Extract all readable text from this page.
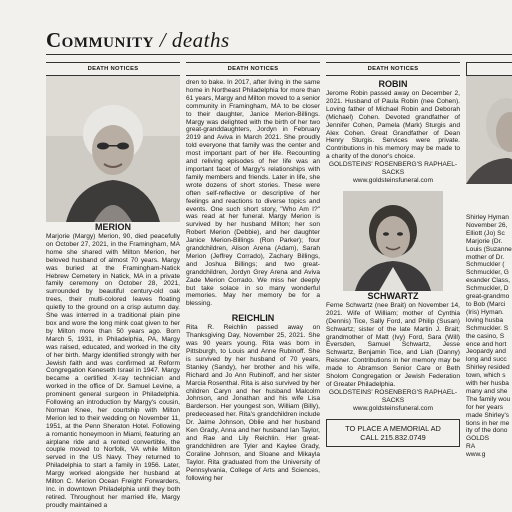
Community / deaths
DEATH NOTICES

MERION

Marjorie (Margy) Merion, 90, died peacefully on October 27, 2021, in the Framingham, MA home she shared with Milton Merion, her beloved husband of almost 70 years. Margy was buried at the Framingham-Natick Hebrew Cemetery in Natick, MA in a private family ceremony on October 28, 2021, surrounded by beautiful century-old oak trees, their multi-colored leaves floating quietly to the ground on a crisp autumn day. She was interred in a traditional plain pine box and wore the long mink coat given to her by Milton more than 50 years ago. Born March 5, 1931, in Philadelphia, PA, Margy was raised, educated, and worked in the city of her birth. Margy identified strongly with her Jewish faith and was confirmed at Reform Congregation Keneseth Israel in 1947. Margy became a certified X-ray technician and worked in the office of Dr. Samuel Levine, a prominent general surgeon in Philadelphia. Following an introduction by Margy's cousin, Norman Knee, her courtship with Milton Merion led to their wedding on November 11, 1951, at the Penn Sheraton Hotel. Following a romantic honeymoon in Miami, featuring an airplane ride and a rented convertible, the couple moved to Norfolk, VA while Milton served in the US Navy. They returned to Philadelphia to start a family in 1956. Later, Margy worked alongside her husband at Milton C. Merion Ocean Freight Forwarders, Inc. in downtown Philadelphia until they both retired. Throughout her married life, Margy proudly maintained a

DEATH NOTICES

dren to bake. In 2017, after living in the same home in Northeast Philadelphia for more than 61 years, Margy and Milton moved to a senior community in Framingham, MA to be closer to their daughter, Janice Merion-Billings. Margy was delighted with the birth of her two great-granddaughters, Jordyn in February 2019 and Aviva in March 2021. She proudly told everyone that family was the center and most important part of her life. Recounting and reliving episodes of her life was an important facet of Margy's relationships with family members and friends. Later in life, she wrote dozens of short stories. These were often self-reflective or descriptive of her feelings and reactions to diverse topics and events. One such short story, "Who Am I?" was read at her funeral. Margy Merion is survived by her husband Milton; her son Robert Merion (Debbie), and her daughter Janice Merion-Billings (Ron Parker); four grandchildren, Alison Arena (Adam), Sarah Merion (Jeffrey Corrado), Zachary Billings, and Joshua Billings; and two great-grandchildren, Jordyn Grey Arena and Aviva Zade Merion Corrado. We miss her deeply but take solace in so many wonderful memories. May her memory be for a blessing.

REICHLIN

Rita R. Reichlin passed away on Thanksgiving Day, November 25, 2021. She was 90 years young. Rita was born in Pittsburgh, to Louis and Anne Rubinoff. She is survived by her husband of 70 years, Stanley (Sandy), her brother and his wife, Richard and Jo Ann Rubinoff, and her sister Marcia Rosenthal. Rita is also survived by her children Caryn and her husband Malcolm Johnson, and Jonathan and his wife Lisa Barderson. Her youngest son, William (Billy), predeceased her. Rita's grandchildren include Dr. Jaime Johnson, Oblie and her husband Ken Grady, Anna and her husband Ian Taylor, and Rae and Lily Reichlin. Her great-grandchildren are Tyler and Kaylee Grady, Coraline Johnson, and Sloane and Mikayla Taylor. Rita graduated from the University of Pennsylvania, College of Arts and Sciences, following her

DEATH NOTICES

ROBIN

Jerome Robin passed away on December 2, 2021. Husband of Paula Robin (nee Cohen). Loving father of Michael Robin and Deborah (Michael) Cohen. Devoted grandfather of Jennifer Cohen, Pamela (Mark) Sturgis and Alex Cohen. Great Grandfather of Dean Henry Sturgis. Services were private. Contributions in his memory may be made to a charity of the donor's choice.

GOLDSTEINS' ROSENBERG'S RAPHAEL-SACKS

www.goldsteinsfuneral.com

SCHWARTZ

Ferne Schwartz (nee Brait) on November 14, 2021. Wife of William; mother of Cynthia (Dennis) Tice, Sally Ford, and Philip (Susan) Schwartz; sister of the late Martin J. Brait; grandmother of Matt (Ivy) Ford, Sara (Will) Eversden, Samuel Schwartz, Jesse Schwartz, Benjamin Tice, and Liah (Danny) Reisner. Contributions in her memory may be made to Abramson Senior Care or Beth Sholom Congregation or Jewish Federation of Greater Philadelphia.

GOLDSTEINS' ROSENBERG'S RAPHAEL-SACKS

www.goldsteinsfuneral.com

TO PLACE A MEMORIAL AD
CALL 215.832.0749
Shirley Hyman
November 26,
Elliott (Jo) Sc
Marjorie (Dr.
Louis (Suzanne
mother of Dr.
Schmuckler (
Schmuckler, G
exander Class,
Schmuckler, D
great-grandmo
to Bob (Marci
(Iris) Hyman.
loving husba
Schmuckler. S
the casino, S
ence and hort
Jeopardy and
long and succ
Shirley resided
town, which s
with her husba
many and she
The family wou
for her years
made Shirley's
tions in her me
ity of the dono
GOLDS
RA
www.g
